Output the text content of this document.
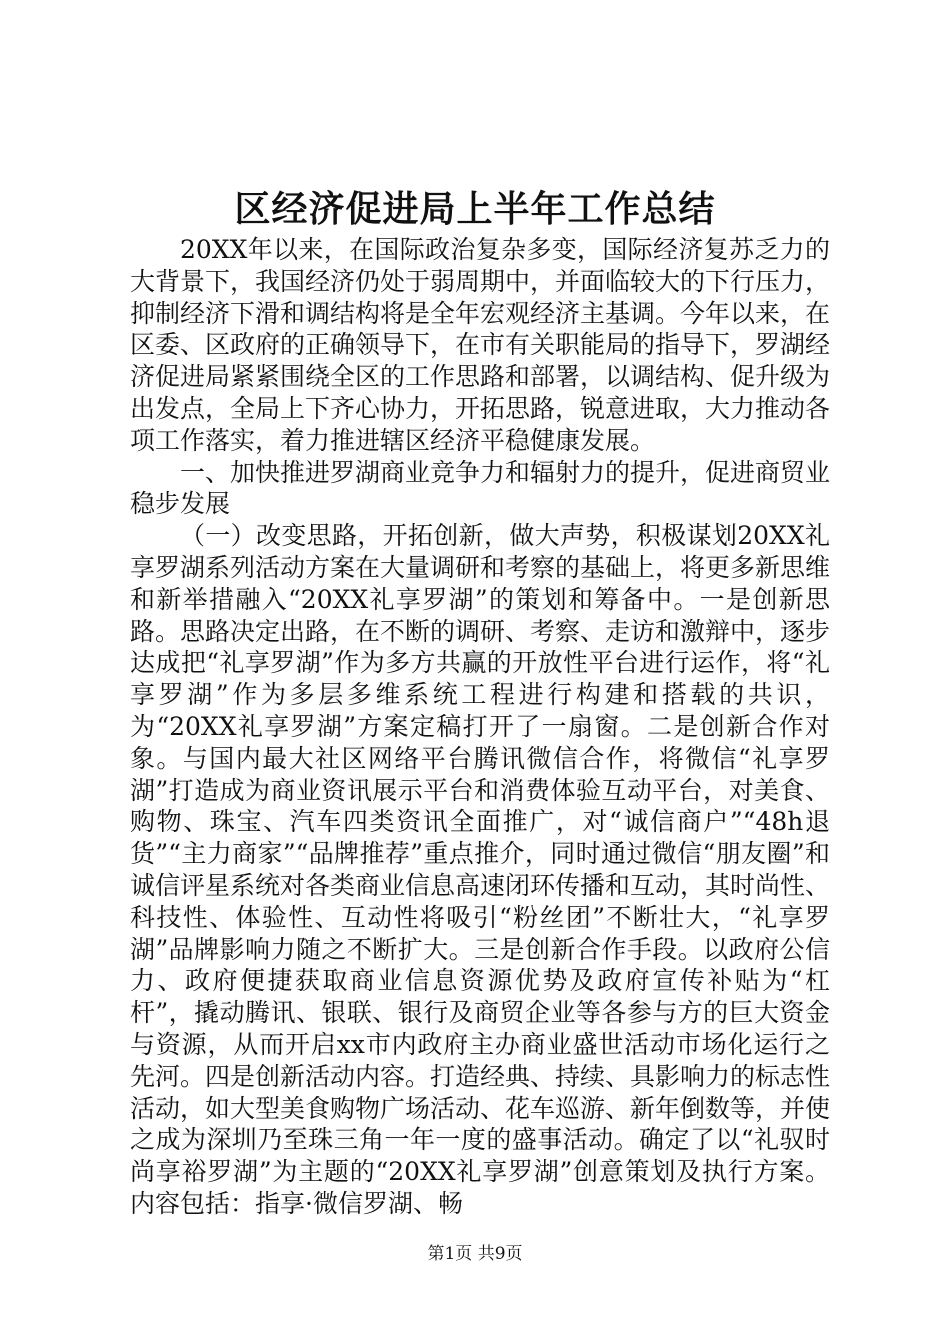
区经济促进局上半年工作总结

20XX年以来，在国际政治复杂多变，国际经济复苏乏力的大背景下，我国经济仍处于弱周期中，并面临较大的下行压力，抑制经济下滑和调结构将是全年宏观经济主基调。今年以来，在区委、区政府的正确领导下，在市有关职能局的指导下，罗湖经济促进局紧紧围绕全区的工作思路和部署，以调结构、促升级为出发点，全局上下齐心协力，开拓思路，锐意进取，大力推动各项工作落实，着力推进辖区经济平稳健康发展。

一、加快推进罗湖商业竞争力和辐射力的提升，促进商贸业稳步发展

（一）改变思路，开拓创新，做大声势，积极谋划20XX礼享罗湖系列活动方案在大量调研和考察的基础上，将更多新思维和新举措融入“20XX礼享罗湖”的策划和筹备中。一是创新思路。思路决定出路，在不断的调研、考察、走访和激辩中，逐步达成把“礼享罗湖”作为多方共赢的开放性平台进行运作，将“礼享罗湖”作为多层多维系统工程进行构建和搭载的共识，为“20XX礼享罗湖”方案定稿打开了一扇窗。二是创新合作对象。与国内最大社区网络平台腾讯微信合作，将微信“礼享罗湖”打造成为商业资讯展示平台和消费体验互动平台，对美食、购物、珠宝、汽车四类资讯全面推广，对“诚信商户”“48h退货”“主力商家”“品牌推荐”重点推介，同时通过微信“朋友圈”和诚信评星系统对各类商业信息高速闭环传播和互动，其时尚性、科技性、体验性、互动性将吸引“粉丝团”不断壮大，“礼享罗湖”品牌影响力随之不断扩大。三是创新合作手段。以政府公信力、政府便捷获取商业信息资源优势及政府宣传补贴为“杠杆”，撬动腾讯、银联、银行及商贸企业等各参与方的巨大资金与资源，从而开启xx市内政府主办商业盛世活动市场化运行之先河。四是创新活动内容。打造经典、持续、具影响力的标志性活动，如大型美食购物广场活动、花车巡游、新年倒数等，并使之成为深圳乃至珠三角一年一度的盛事活动。确定了以“礼驭时尚享裕罗湖”为主题的“20XX礼享罗湖”创意策划及执行方案。内容包括：指享·微信罗湖、畅

第1页 共9页
